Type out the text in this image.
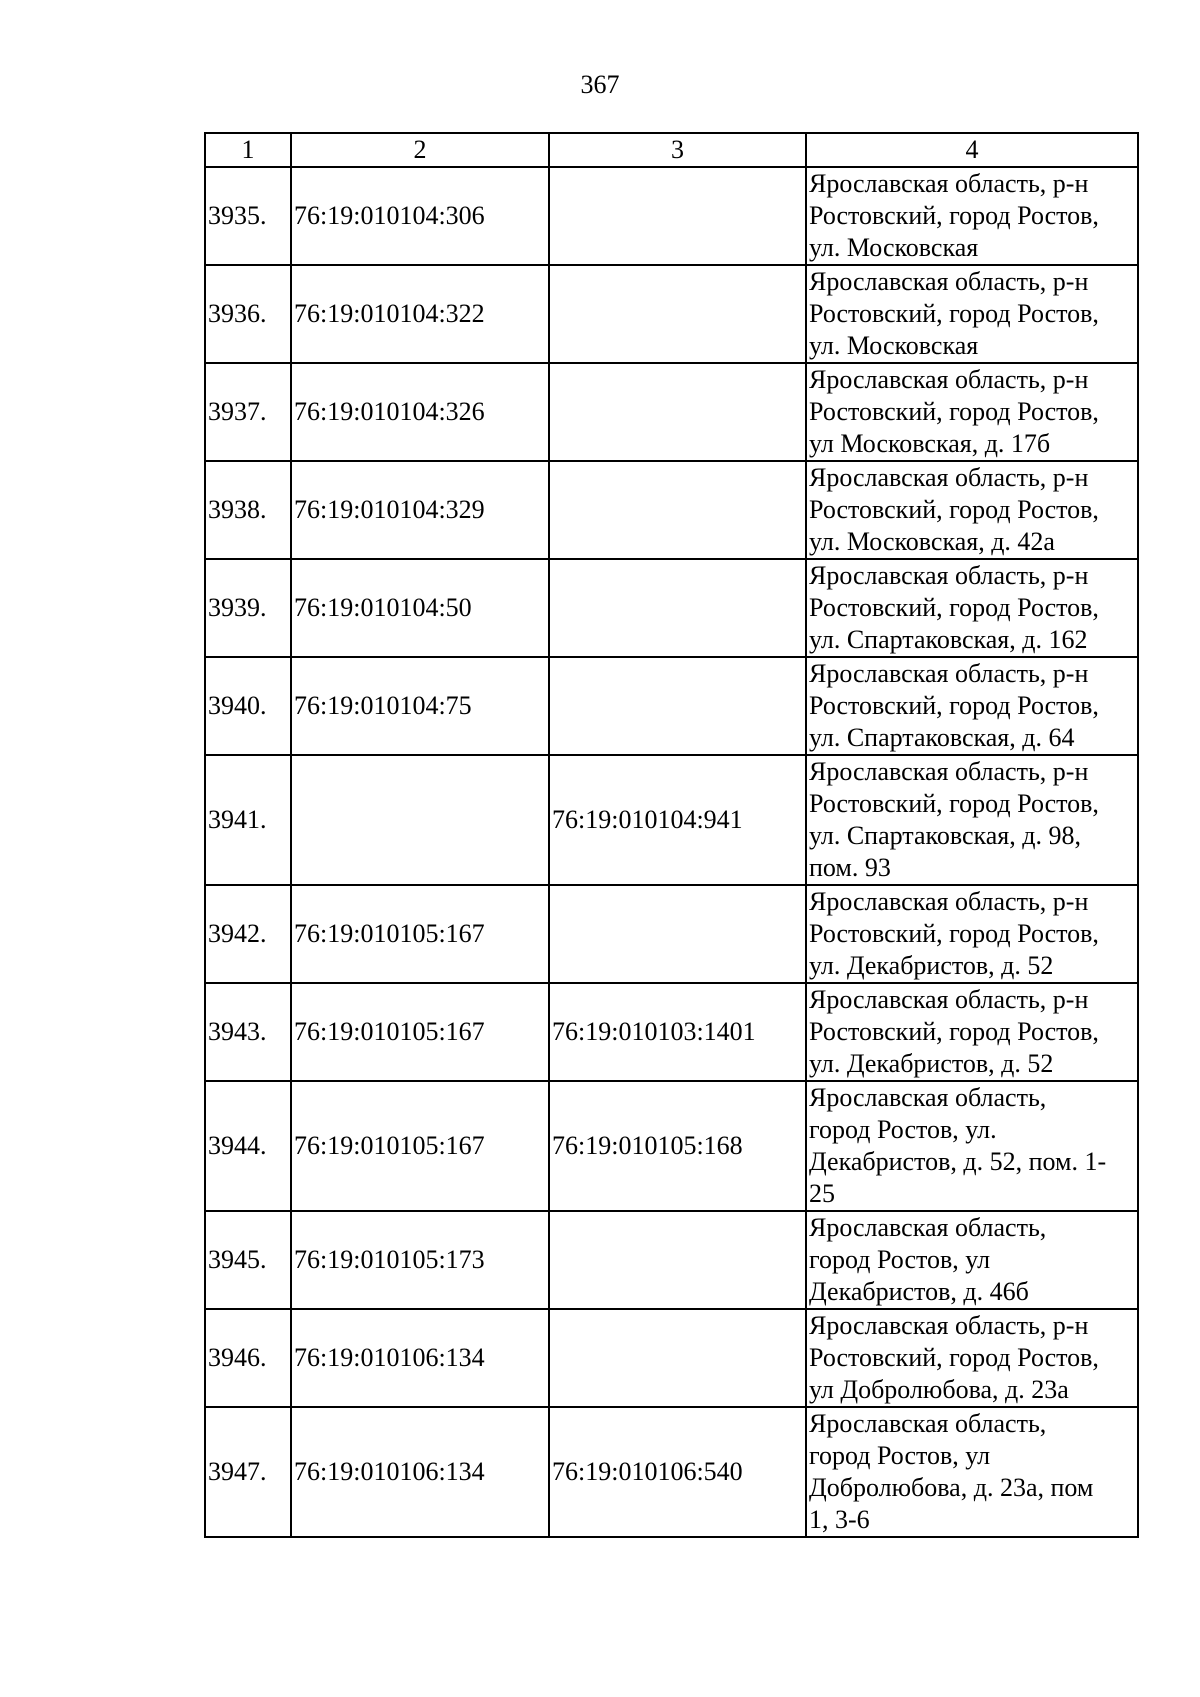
367
1	2	3	4
3935.	76:19:010104:306		Ярославская область, р-н
Ростовский, город Ростов,
ул. Московская

3936.	76:19:010104:322		Ярославская область, р-н
Ростовский, город Ростов,
ул. Московская

3937.	76:19:010104:326		Ярославская область, р-н
Ростовский, город Ростов,
ул Московская, д. 17б

3938.	76:19:010104:329		Ярославская область, р-н
Ростовский, город Ростов,
ул. Московская, д. 42а

3939.	76:19:010104:50		Ярославская область, р-н
Ростовский, город Ростов,
ул. Спартаковская, д. 162

3940.	76:19:010104:75		Ярославская область, р-н
Ростовский, город Ростов,
ул. Спартаковская, д. 64

3941.		76:19:010104:941	Ярославская область, р-н
Ростовский, город Ростов,
ул. Спартаковская, д. 98,
пом. 93

3942.	76:19:010105:167		Ярославская область, р-н
Ростовский, город Ростов,
ул. Декабристов, д. 52

3943.	76:19:010105:167	76:19:010103:1401	Ярославская область, р-н
Ростовский, город Ростов,
ул. Декабристов, д. 52

3944.	76:19:010105:167	76:19:010105:168	Ярославская область,
город Ростов, ул.
Декабристов, д. 52, пом. 1-
25

3945.	76:19:010105:173		Ярославская область,
город Ростов, ул
Декабристов, д. 46б

3946.	76:19:010106:134		Ярославская область, р-н
Ростовский, город Ростов,
ул Добролюбова, д. 23а

3947.	76:19:010106:134	76:19:010106:540	Ярославская область,
город Ростов, ул
Добролюбова, д. 23а, пом
1, 3-6
